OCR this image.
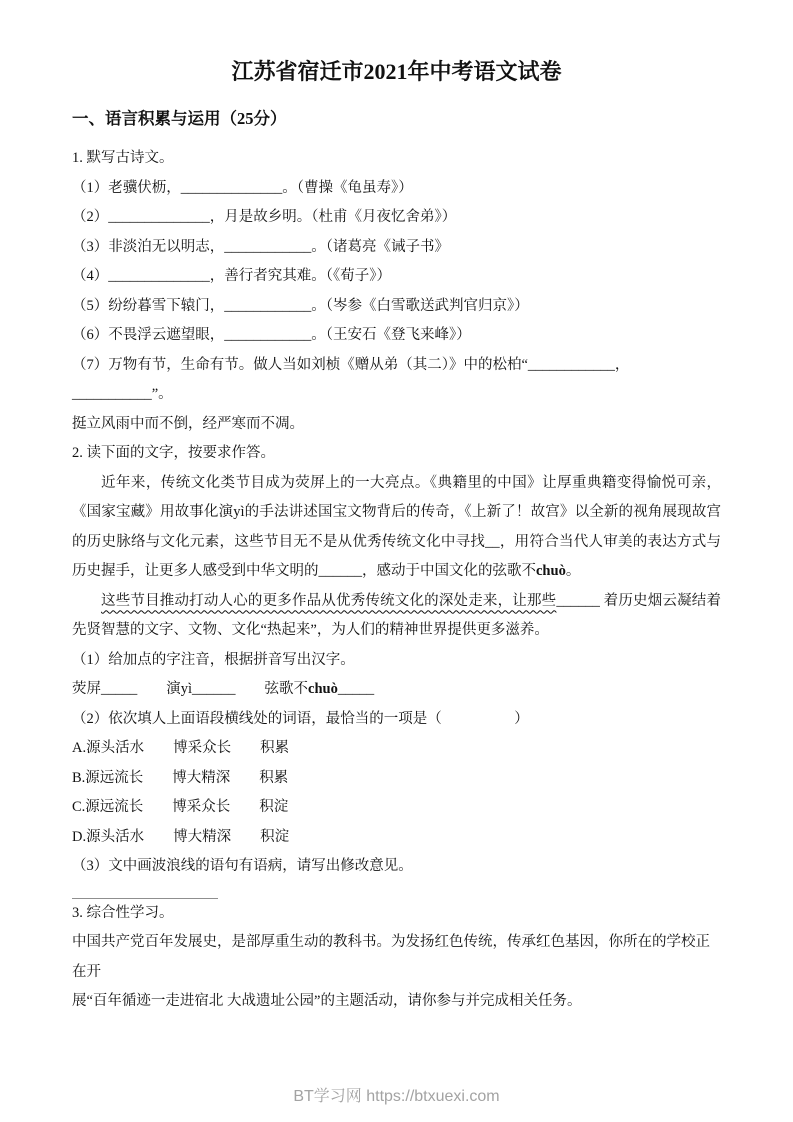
江苏省宿迁市2021年中考语文试卷
一、语言积累与运用（25分）

1. 默写古诗文。

（1）老骥伏枥，______________。（曹操《龟虽寿》）

（2）______________，月是故乡明。（杜甫《月夜忆舍弟》）

（3）非淡泊无以明志，____________。（诸葛亮《诫子书》

（4）______________，善行者究其难。（《荀子》）

（5）纷纷暮雪下辕门，____________。（岑参《白雪歌送武判官归京》）

（6）不畏浮云遮望眼，____________。（王安石《登飞来峰》）

（7）万物有节，生命有节。做人当如刘桢《赠从弟（其二）》中的松柏“____________，___________”。

挺立风雨中而不倒，经严寒而不凋。

2. 读下面的文字，按要求作答。

近年来，传统文化类节目成为荧 •屏上的一大亮点。《典籍里的中国》让厚重典籍变得愉悦可亲，《国家宝藏》用故事化演yì的手法讲述国宝文物背后的传奇，《上新了！故宫》以全新的视角展现故宫的历史脉络与文化元素，这些节目无不是从优秀传统文化中寻找__，用符合当代人审美的表达方式与历史握手，让更多人感受到中华文明的______，感动于中国文化的弦歌不chuò。

这些节目推动打动人心的更多作品从优秀传统文化的深处走来，让那些______ 着历史烟云凝结着先贤智慧的文字、文物、文化“热起来”，为人们的精神世界提供更多滋养。

（1）给加点的字注音，根据拼音写出汉字。

荧 •屏_____　　演yì______　　弦歌不chuò_____

（2）依次填人上面语段横线处的词语，最恰当的一项是（　　　　　）

A.源头活水　　博采众长　　积累

B.源远流长　　博大精深　　积累

C.源远流长　　博采众长　　积淀

D.源头活水　　博大精深　　积淀

（3）文中画波浪线的语句有语病，请写出修改意见。

3. 综合性学习。

中国共产党百年发展史，是部厚重生动的教科书。为发扬红色传统，传承红色基因，你所在的学校正在开

展“百年循迹一走进宿北 大战遗址公园”的主题活动，请你参与并完成相关任务。

BT学习网 https://btxuexi.com
